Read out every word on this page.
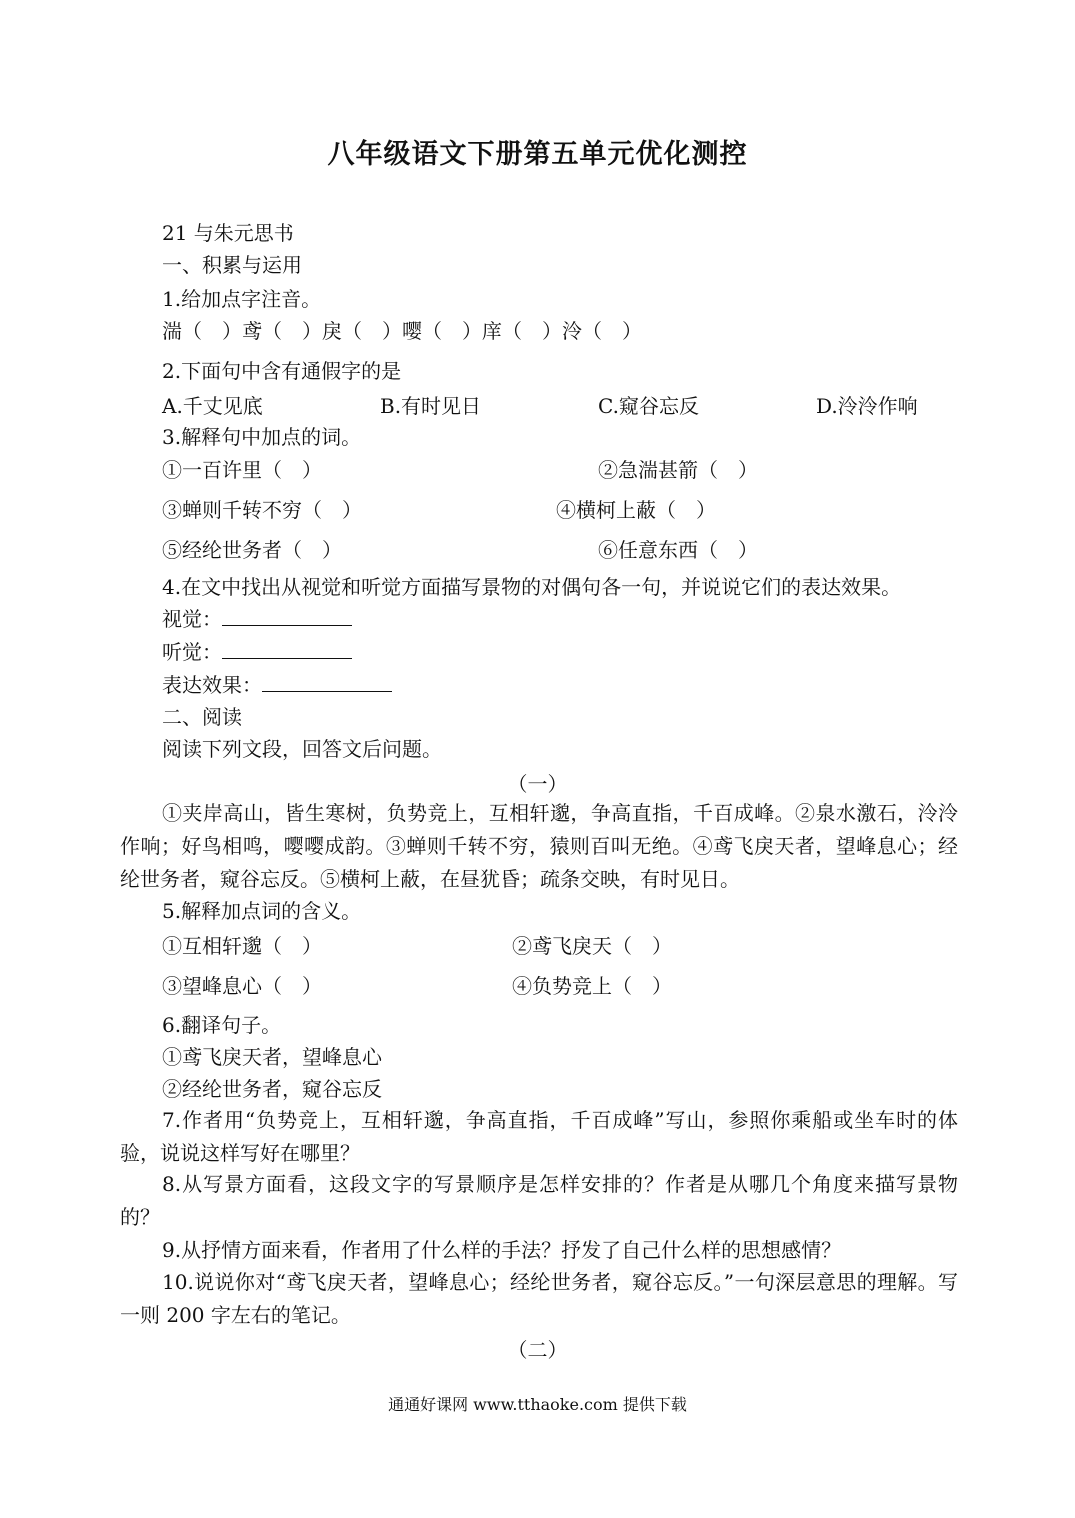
八年级语文下册第五单元优化测控
21 与朱元思书
一、积累与运用
1.给加点字注音。
湍（　）鸢（　）戾（　）嘤（　）庠（　）泠（　）
2.下面句中含有通假字的是
A.千丈见底	B.有时见日	C.窥谷忘反	D.泠泠作响
3.解释句中加点的词。
①一百许里（　）	②急湍甚箭（　）
③蝉则千转不穷（　）	④横柯上蔽（　）
⑤经纶世务者（　）	⑥任意东西（　）
4.在文中找出从视觉和听觉方面描写景物的对偶句各一句，并说说它们的表达效果。
视觉：
听觉：
表达效果：
二、阅读
阅读下列文段，回答文后问题。
（一）
①夹岸高山，皆生寒树，负势竞上，互相轩邈，争高直指，千百成峰。②泉水激石，泠泠作响；好鸟相鸣，嘤嘤成韵。③蝉则千转不穷，猿则百叫无绝。④鸢飞戾天者，望峰息心；经纶世务者，窥谷忘反。⑤横柯上蔽，在昼犹昏；疏条交映，有时见日。
5.解释加点词的含义。
①互相轩邈（　）	②鸢飞戾天（　）
③望峰息心（　）	④负势竞上（　）
6.翻译句子。
①鸢飞戾天者，望峰息心
②经纶世务者，窥谷忘反
7.作者用“负势竞上，互相轩邈，争高直指，千百成峰”写山，参照你乘船或坐车时的体验，说说这样写好在哪里？
8.从写景方面看，这段文字的写景顺序是怎样安排的？作者是从哪几个角度来描写景物的？
9.从抒情方面来看，作者用了什么样的手法？抒发了自己什么样的思想感情？
10.说说你对“鸢飞戾天者，望峰息心；经纶世务者，窥谷忘反。”一句深层意思的理解。写一则 200 字左右的笔记。
（二）
通通好课网 www.tthaoke.com 提供下载
